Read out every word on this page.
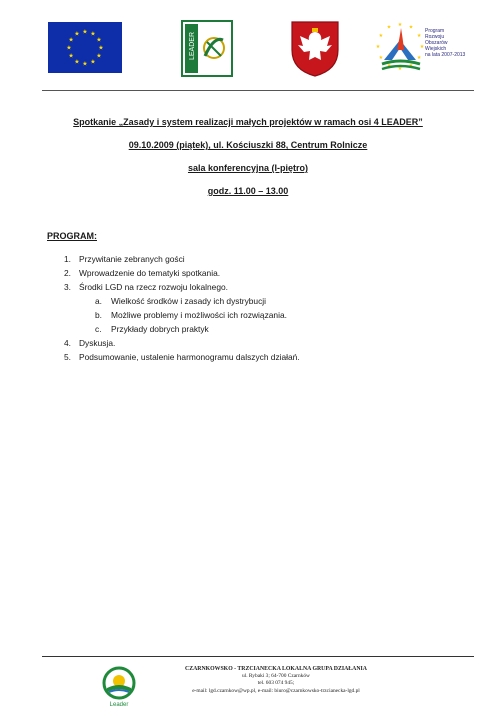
★ ★
★
★
★
★
★
★
★
★
★
★	LEADER
★ ★
★
★
★
★
★
★
★
★
★
★
Program
Rozwoju
Obszarów
Wiejskich
na lata 2007-2013
Spotkanie „Zasady i system realizacji małych projektów w ramach osi 4 LEADER”
09.10.2009 (piątek), ul. Kościuszki 88, Centrum Rolnicze
sala konferencyjna (I-piętro)
godz. 11.00 – 13.00
PROGRAM:
1. Przywitanie zebranych gości
2. Wprowadzenie do tematyki spotkania.
3. Środki LGD na rzecz rozwoju lokalnego.
a. Wielkość środków i zasady ich dystrybucji
b. Możliwe problemy i możliwości ich rozwiązania.
c. Przykłady dobrych praktyk
4. Dyskusja.
5. Podsumowanie, ustalenie harmonogramu dalszych działań.
Leader
CZARNKOWSKO - TRZCIANECKA LOKALNA GRUPA DZIAŁANIA
ul. Rybaki 3; 64-700 Czarnków
tel. 603 074 945;
e-mail: lgd.czarnkow@wp.pl, e-mail: biuro@czarnkowsko-trzcianecka-lgd.pl
